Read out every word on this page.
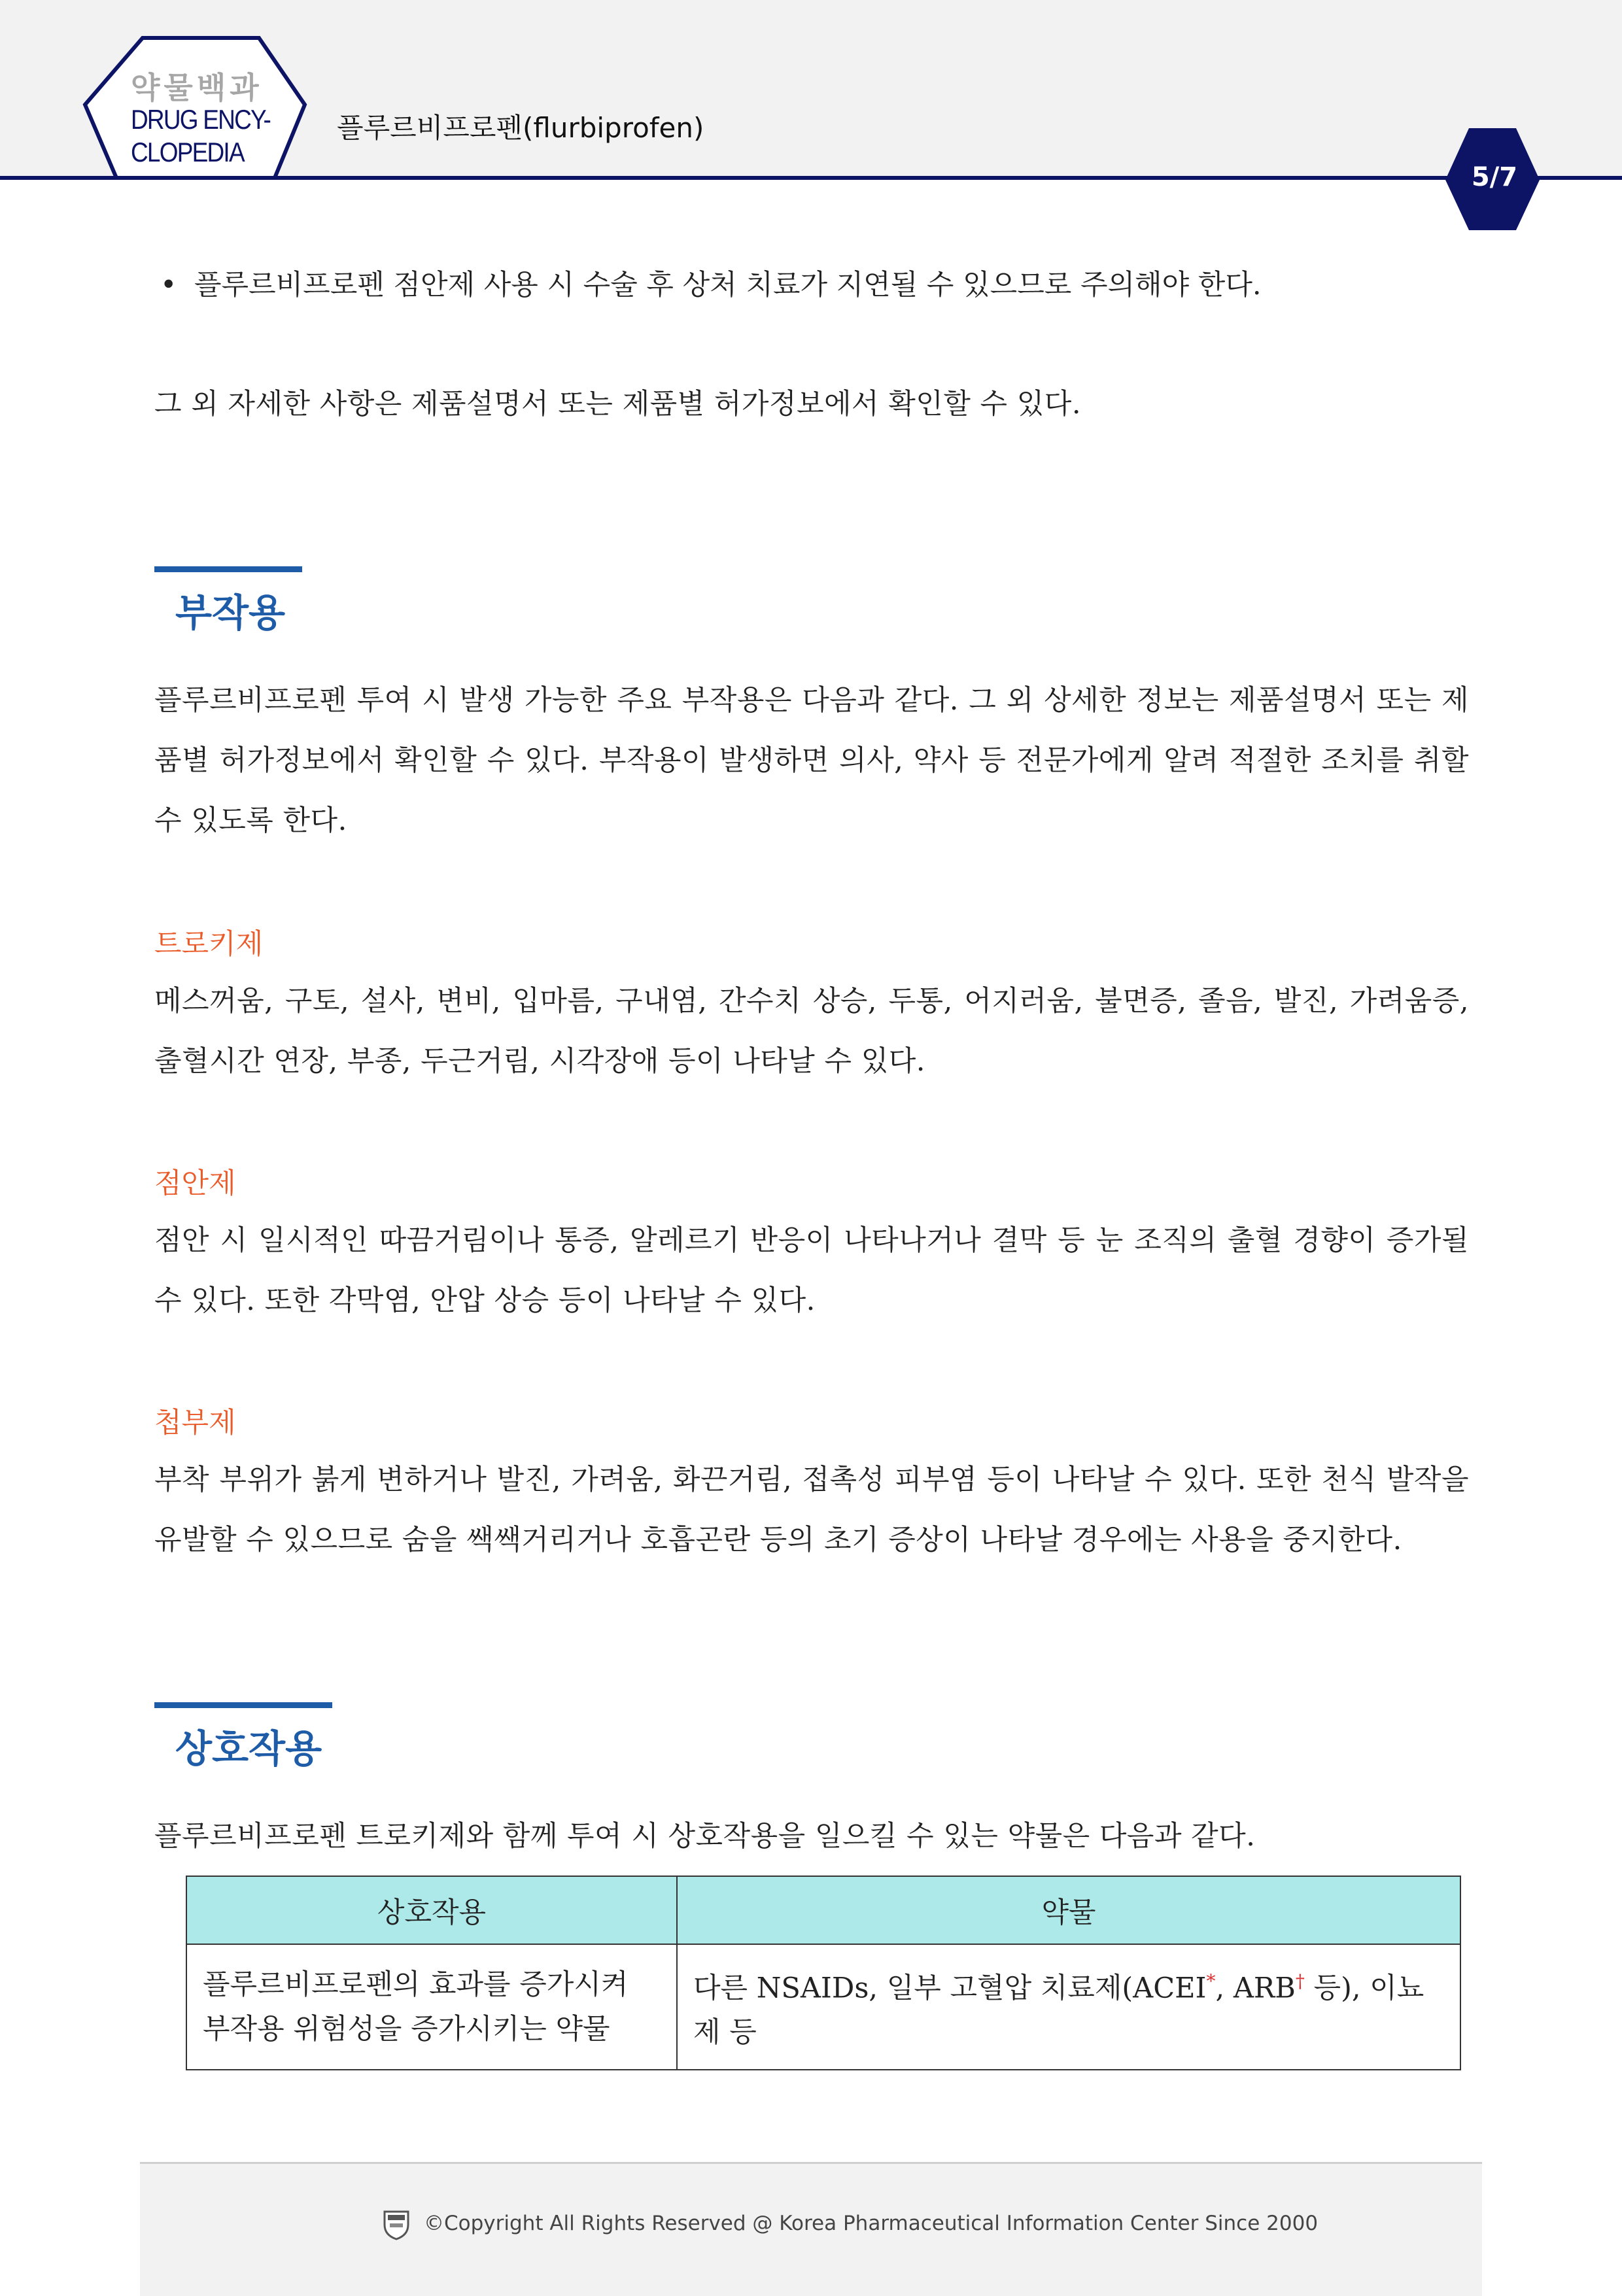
약물백과
DRUG ENCY-
CLOPEDIA
플루르비프로펜(flurbiprofen)
5/7
• 플루르비프로펜 점안제 사용 시 수술 후 상처 치료가 지연될 수 있으므로 주의해야 한다.
그 외 자세한 사항은 제품설명서 또는 제품별 허가정보에서 확인할 수 있다.
부작용
플루르비프로펜 투여 시 발생 가능한 주요 부작용은 다음과 같다. 그 외 상세한 정보는 제품설명서 또는 제품별 허가정보에서 확인할 수 있다. 부작용이 발생하면 의사, 약사 등 전문가에게 알려 적절한 조치를 취할 수 있도록 한다.
트로키제
메스꺼움, 구토, 설사, 변비, 입마름, 구내염, 간수치 상승, 두통, 어지러움, 불면증, 졸음, 발진, 가려움증, 출혈시간 연장, 부종, 두근거림, 시각장애 등이 나타날 수 있다.
점안제
점안 시 일시적인 따끔거림이나 통증, 알레르기 반응이 나타나거나 결막 등 눈 조직의 출혈 경향이 증가될 수 있다. 또한 각막염, 안압 상승 등이 나타날 수 있다.
첩부제
부착 부위가 붉게 변하거나 발진, 가려움, 화끈거림, 접촉성 피부염 등이 나타날 수 있다. 또한 천식 발작을 유발할 수 있으므로 숨을 쌕쌕거리거나 호흡곤란 등의 초기 증상이 나타날 경우에는 사용을 중지한다.
상호작용
플루르비프로펜 트로키제와 함께 투여 시 상호작용을 일으킬 수 있는 약물은 다음과 같다.
상호작용	약물

플루르비프로펜의 효과를 증가시켜
부작용 위험성을 증가시키는 약물	다른 NSAIDs, 일부 고혈압 치료제(ACEI*, ARB† 등), 이뇨제 등
©Copyright All Rights Reserved @ Korea Pharmaceutical Information Center Since 2000
